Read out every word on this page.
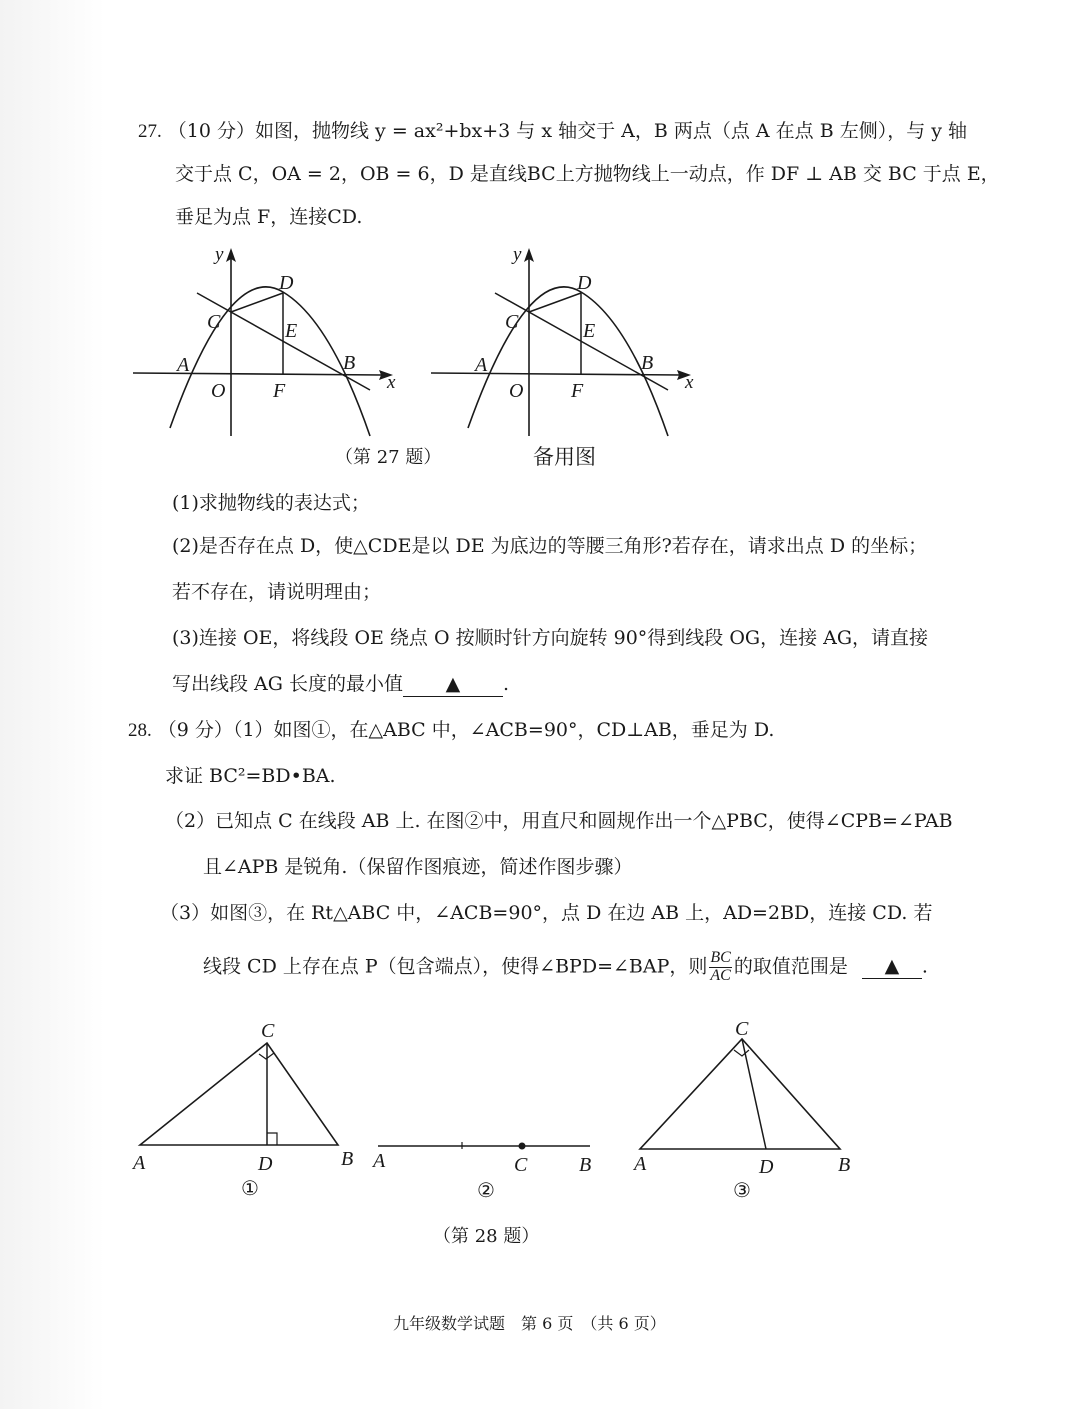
27. （10 分）如图，抛物线 y = ax²+bx+3 与 x 轴交于 A，B 两点（点 A 在点 B 左侧），与 y 轴
交于点 C，OA = 2，OB = 6，D 是直线BC上方抛物线上一动点，作 DF ⊥ AB 交 BC 于点 E，
垂足为点 F，连接CD.
y
x
O
A	B
C
D
E
F
y
x
O
A	B
C
D
E
F
（第 27 题）	备用图
(1)求抛物线的表达式；
(2)是否存在点 D，使△CDE是以 DE 为底边的等腰三角形?若存在，请求出点 D 的坐标；
若不存在，请说明理由；
(3)连接 OE，将线段 OE 绕点 O 按顺时针方向旋转 90°得到线段 OG，连接 AG，请直接
写出线段 AG 长度的最小值 ▲ .
28. （9 分）（1）如图①，在△ABC 中，∠ACB=90°，CD⊥AB，垂足为 D.
求证 BC²=BD•BA.
（2）已知点 C 在线段 AB 上. 在图②中，用直尺和圆规作出一个△PBC，使得∠CPB=∠PAB
且∠APB 是锐角.（保留作图痕迹，简述作图步骤）
（3）如图③，在 Rt△ABC 中，∠ACB=90°，点 D 在边 AB 上，AD=2BD，连接 CD. 若
线段 CD 上存在点 P（包含端点），使得∠BPD=∠BAP，则 $\frac{BC}{AC}$ 的取值范围是 ▲ .
C
A	D	B
①
A	C	B
②
C
A	D	B
③
（第 28 题）
九年级数学试题　第 6 页　（共 6 页）
